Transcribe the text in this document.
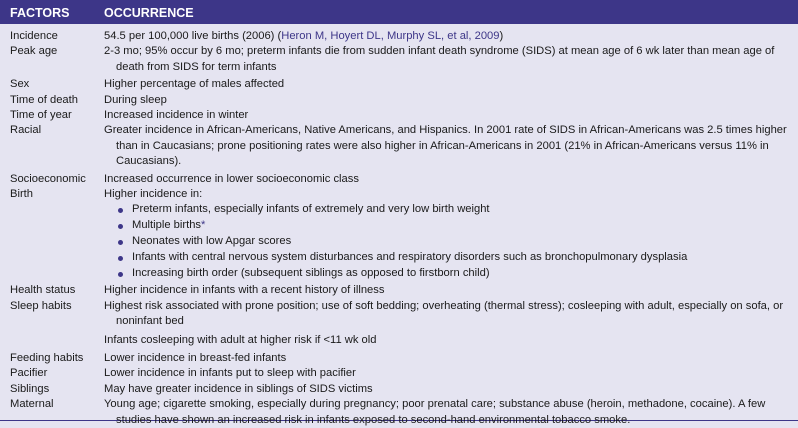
FACTORS	OCCURRENCE
Incidence	54.5 per 100,000 live births (2006) (Heron M, Hoyert DL, Murphy SL, et al, 2009)
Peak age	2-3 mo; 95% occur by 6 mo; preterm infants die from sudden infant death syndrome (SIDS) at mean age of 6 wk later than mean age of death from SIDS for term infants
Sex	Higher percentage of males affected
Time of death	During sleep
Time of year	Increased incidence in winter
Racial	Greater incidence in African-Americans, Native Americans, and Hispanics. In 2001 rate of SIDS in African-Americans was 2.5 times higher than in Caucasians; prone positioning rates were also higher in African-Americans in 2001 (21% in African-Americans versus 11% in Caucasians).
Socioeconomic	Increased occurrence in lower socioeconomic class
Birth	Higher incidence in:
Preterm infants, especially infants of extremely and very low birth weight
Multiple births*
Neonates with low Apgar scores
Infants with central nervous system disturbances and respiratory disorders such as bronchopulmonary dysplasia
Increasing birth order (subsequent siblings as opposed to firstborn child)
Health status	Higher incidence in infants with a recent history of illness
Sleep habits	Highest risk associated with prone position; use of soft bedding; overheating (thermal stress); cosleeping with adult, especially on sofa, or noninfant bed
Infants cosleeping with adult at higher risk if <11 wk old
Feeding habits	Lower incidence in breast-fed infants
Pacifier	Lower incidence in infants put to sleep with pacifier
Siblings	May have greater incidence in siblings of SIDS victims
Maternal	Young age; cigarette smoking, especially during pregnancy; poor prenatal care; substance abuse (heroin, methadone, cocaine). A few studies have shown an increased risk in infants exposed to second-hand environmental tobacco smoke.
